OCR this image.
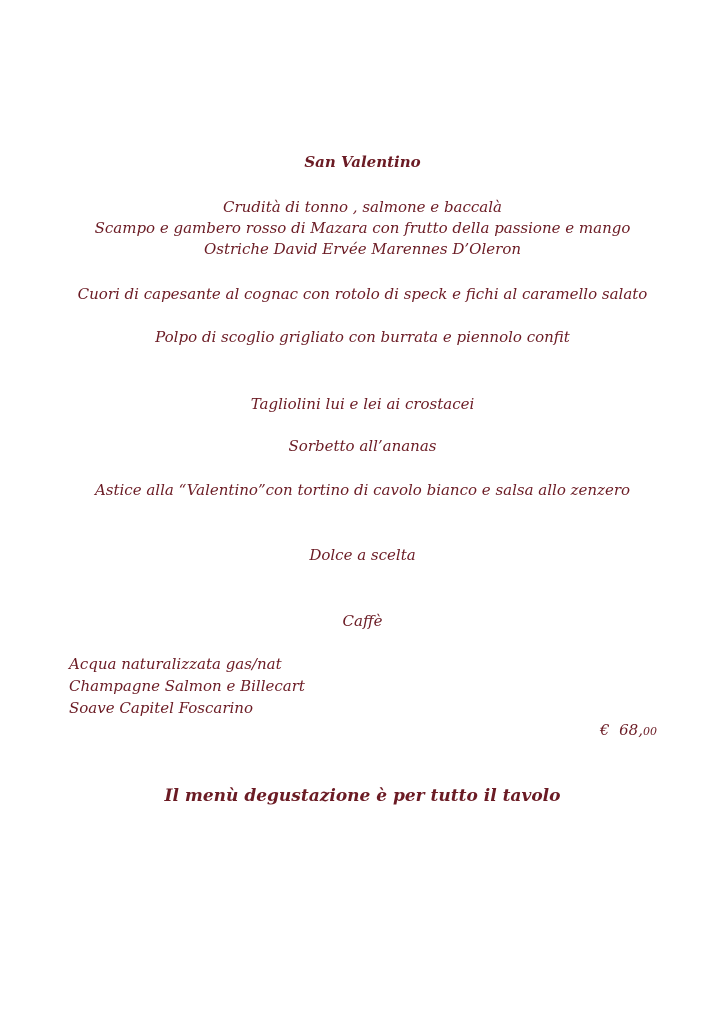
San Valentino
Crudità di tonno , salmone e baccalà
Scampo e gambero rosso di Mazara con frutto della passione e mango
Ostriche David Ervée Marennes D’Oleron
Cuori di capesante al cognac con rotolo di speck e fichi al caramello salato
Polpo di scoglio grigliato con burrata e piennolo confit
Tagliolini lui e lei ai crostacei
Sorbetto all’ananas
Astice alla “Valentino”con tortino di cavolo bianco e salsa allo zenzero
Dolce a scelta
Caffè
Acqua naturalizzata gas/nat
Champagne Salmon e Billecart
Soave Capitel Foscarino
€ 68,00
Il menù degustazione è per tutto il tavolo
